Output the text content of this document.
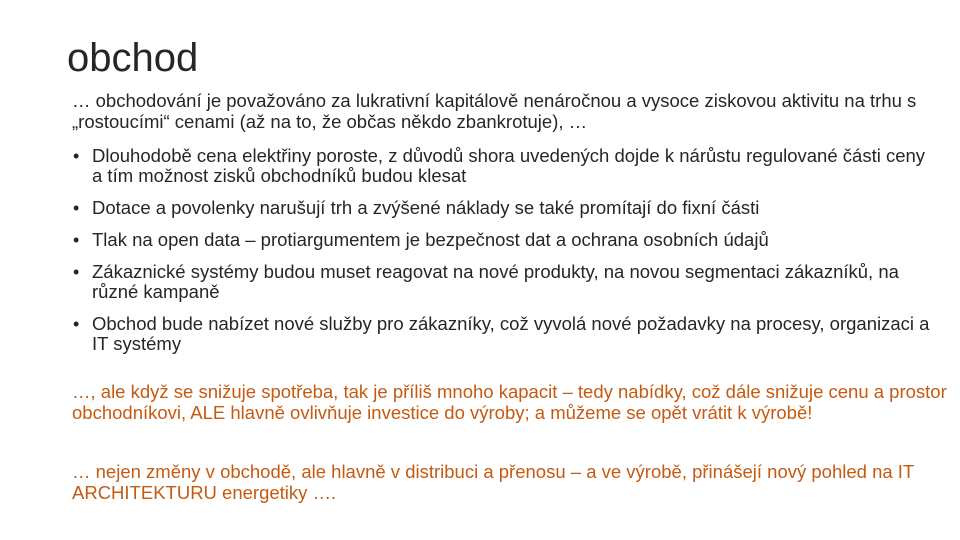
obchod
… obchodování je považováno za lukrativní kapitálově nenáročnou a vysoce ziskovou aktivitu na trhu s „rostoucími“ cenami (až na to, že občas někdo zbankrotuje), …
• Dlouhodobě cena elektřiny poroste, z důvodů shora uvedených dojde k nárůstu regulované části ceny a tím možnost zisků obchodníků budou klesat
• Dotace a povolenky narušují trh a zvýšené náklady se také promítají do fixní části
• Tlak na open data – protiargumentem je bezpečnost dat a ochrana osobních údajů
• Zákaznické systémy budou muset reagovat na nové produkty, na novou segmentaci zákazníků, na různé kampaně
• Obchod bude nabízet nové služby pro zákazníky, což vyvolá nové požadavky na procesy, organizaci a IT systémy
…, ale když se snižuje spotřeba, tak je příliš mnoho kapacit – tedy nabídky, což dále snižuje cenu a prostor obchodníkovi, ALE hlavně ovlivňuje investice do výroby; a můžeme se opět vrátit k výrobě!
… nejen změny v obchodě, ale hlavně v distribuci a přenosu – a ve výrobě, přinášejí nový pohled na IT ARCHITEKTURU energetiky ….
